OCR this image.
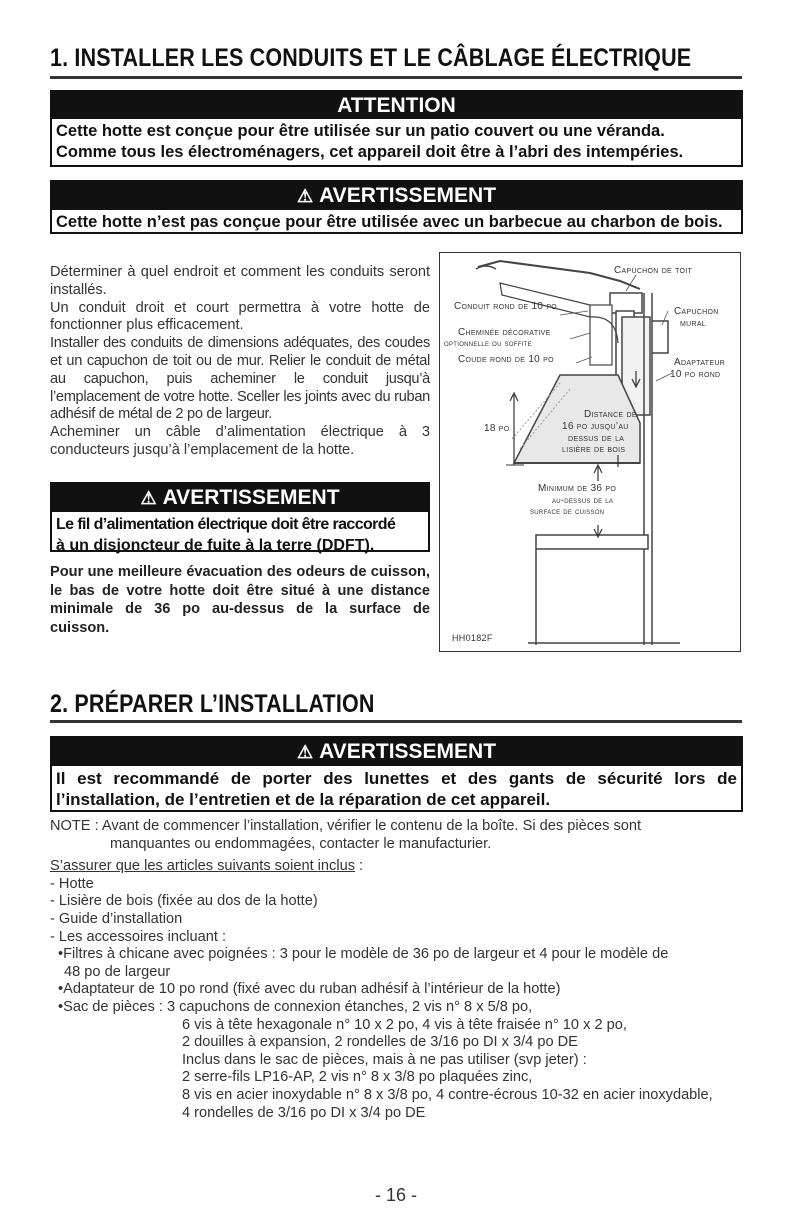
1. INSTALLER LES CONDUITS ET LE CÂBLAGE ÉLECTRIQUE
ATTENTION
Cette hotte est conçue pour être utilisée sur un patio couvert ou une véranda.
Comme tous les électroménagers, cet appareil doit être à l’abri des intempéries.
⚠ AVERTISSEMENT
Cette hotte n’est pas conçue pour être utilisée avec un barbecue au charbon de bois.

Déterminer à quel endroit et comment les conduits seront installés.

Un conduit droit et court permettra à votre hotte de fonctionner plus efficacement.

Installer des conduits de dimensions adéquates, des coudes et un capuchon de toit ou de mur. Relier le conduit de métal au capuchon, puis acheminer le conduit jusqu’à l’emplacement de votre hotte. Sceller les joints avec du ruban adhésif de métal de 2 po de largeur.

Acheminer un câble d’alimentation électrique à 3 conducteurs jusqu’à l’emplacement de la hotte.

⚠ AVERTISSEMENT
Le fil d’alimentation électrique doit être raccordé
à un disjoncteur de fuite à la terre (DDFT).
Pour une meilleure évacuation des odeurs de cuisson, le bas de votre hotte doit être situé à une distance minimale de 36 po au-dessus de la surface de cuisson.
Capuchon de toit
Conduit rond de 10 po	Capuchon
mural
Cheminée décorative
optionnelle ou soffite
Coude rond de 10 po	Adaptateur
10 po rond
18 po
Distance de
16 po jusqu’au
dessus de la
lisière de bois
Minimum de 36 po
au-dessus de la
surface de cuisson
HH0182F
2. PRÉPARER L’INSTALLATION
⚠ AVERTISSEMENT
Il est recommandé de porter des lunettes et des gants de sécurité lors de
l’installation, de l’entretien et de la réparation de cet appareil.
NOTE : Avant de commencer l’installation, vérifier le contenu de la boîte. Si des pièces sont
manquantes ou endommagées, contacter le manufacturier.
S’assurer que les articles suivants soient inclus :
- Hotte
- Lisière de bois (fixée au dos de la hotte)
- Guide d’installation
- Les accessoires incluant :
•Filtres à chicane avec poignées : 3 pour le modèle de 36 po de largeur et 4 pour le modèle de
48 po de largeur
•Adaptateur de 10 po rond (fixé avec du ruban adhésif à l’intérieur de la hotte)
•Sac de pièces : 3 capuchons de connexion étanches, 2 vis n° 8 x 5/8 po,
6 vis à tête hexagonale n° 10 x 2 po, 4 vis à tête fraisée n° 10 x 2 po,
2 douilles à expansion, 2 rondelles de 3/16 po DI x 3/4 po DE
Inclus dans le sac de pièces, mais à ne pas utiliser (svp jeter) :
2 serre-fils LP16-AP, 2 vis n° 8 x 3/8 po plaquées zinc,
8 vis en acier inoxydable n° 8 x 3/8 po, 4 contre-écrous 10-32 en acier inoxydable,
4 rondelles de 3/16 po DI x 3/4 po DE
- 16 -
